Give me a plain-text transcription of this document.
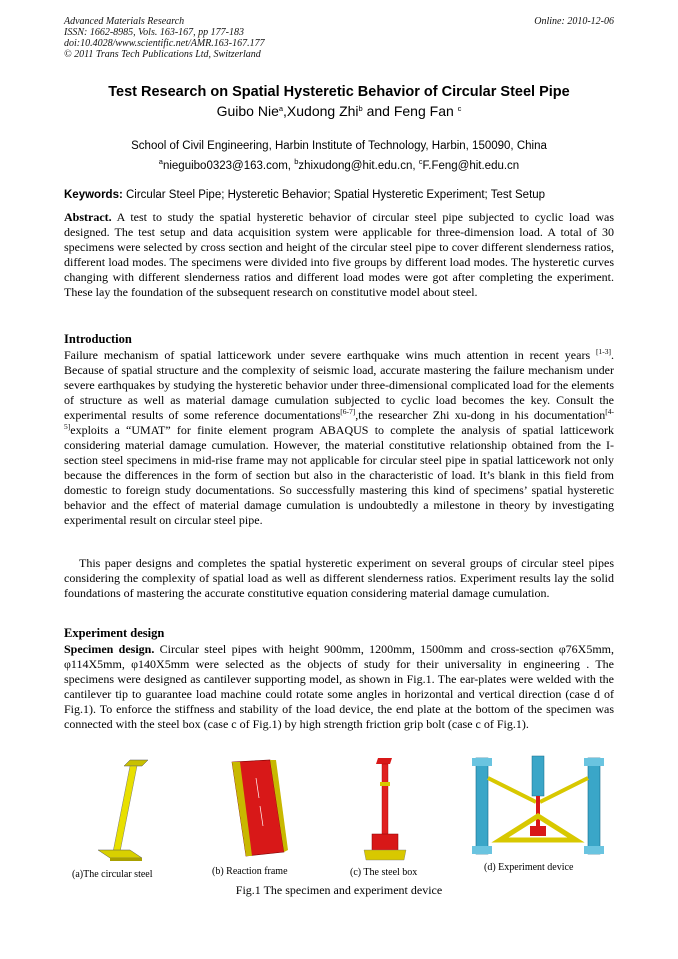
Advanced Materials Research
ISSN: 1662-8985, Vols. 163-167, pp 177-183
doi:10.4028/www.scientific.net/AMR.163-167.177
© 2011 Trans Tech Publications Ltd, Switzerland
Online: 2010-12-06
Test Research on Spatial Hysteretic Behavior of Circular Steel Pipe
Guibo Nie$^a$,Xudong Zhi$^b$ and Feng Fan $^c$
School of Civil Engineering, Harbin Institute of Technology, Harbin, 150090, China
$^a$nieguibo0323@163.com, $^b$zhixudong@hit.edu.cn, $^c$F.Feng@hit.edu.cn
Keywords: Circular Steel Pipe; Hysteretic Behavior; Spatial Hysteretic Experiment; Test Setup
Abstract. A test to study the spatial hysteretic behavior of circular steel pipe subjected to cyclic load was designed. The test setup and data acquisition system were applicable for three-dimension load. A total of 30 specimens were selected by cross section and height of the circular steel pipe to cover different slenderness ratios, different load modes. The specimens were divided into five groups by different load modes. The hysteretic curves changing with different slenderness ratios and different load modes were got after completing the experiment. These lay the foundation of the subsequent research on constitutive model about steel.
Introduction
Failure mechanism of spatial latticework under severe earthquake wins much attention in recent years [1-3]. Because of spatial structure and the complexity of seismic load, accurate mastering the failure mechanism under severe earthquakes by studying the hysteretic behavior under three-dimensional complicated load for the elements of structure as well as material damage cumulation subjected to cyclic load becomes the key. Consult the experimental results of some reference documentations[6-7],the researcher Zhi xu-dong in his documentation[4-5]exploits a “UMAT” for finite element program ABAQUS to complete the analysis of spatial latticework considering material damage cumulation. However, the material constitutive relationship obtained from the I-section steel specimens in mid-rise frame may not applicable for circular steel pipe in spatial latticework not only because the differences in the form of section but also in the characteristic of load. It’s blank in this field from domestic to foreign study documentations. So successfully mastering this kind of specimens’ spatial hysteretic behavior and the effect of material damage cumulation is undoubtedly a milestone in theory by investigating experimental result on circular steel pipe.
This paper designs and completes the spatial hysteretic experiment on several groups of circular steel pipes considering the complexity of spatial load as well as different slenderness ratios. Experiment results lay the solid foundations of mastering the accurate constitutive equation considering material damage cumulation.
Experiment design
Specimen design. Circular steel pipes with height 900mm, 1200mm, 1500mm and cross-section φ76X5mm, φ114X5mm, φ140X5mm were selected as the objects of study for their universality in engineering . The specimens were designed as cantilever supporting model, as shown in Fig.1. The ear-plates were welded with the cantilever tip to guarantee load machine could rotate some angles in horizontal and vertical direction (case d of Fig.1). To enforce the stiffness and stability of the load device, the end plate at the bottom of the specimen was connected with the steel box (case c of Fig.1) by high strength friction grip bolt (case c of Fig.1).
(a)The circular steel	(b) Reaction frame	(c) The steel box	(d) Experiment device
Fig.1 The specimen and experiment device
